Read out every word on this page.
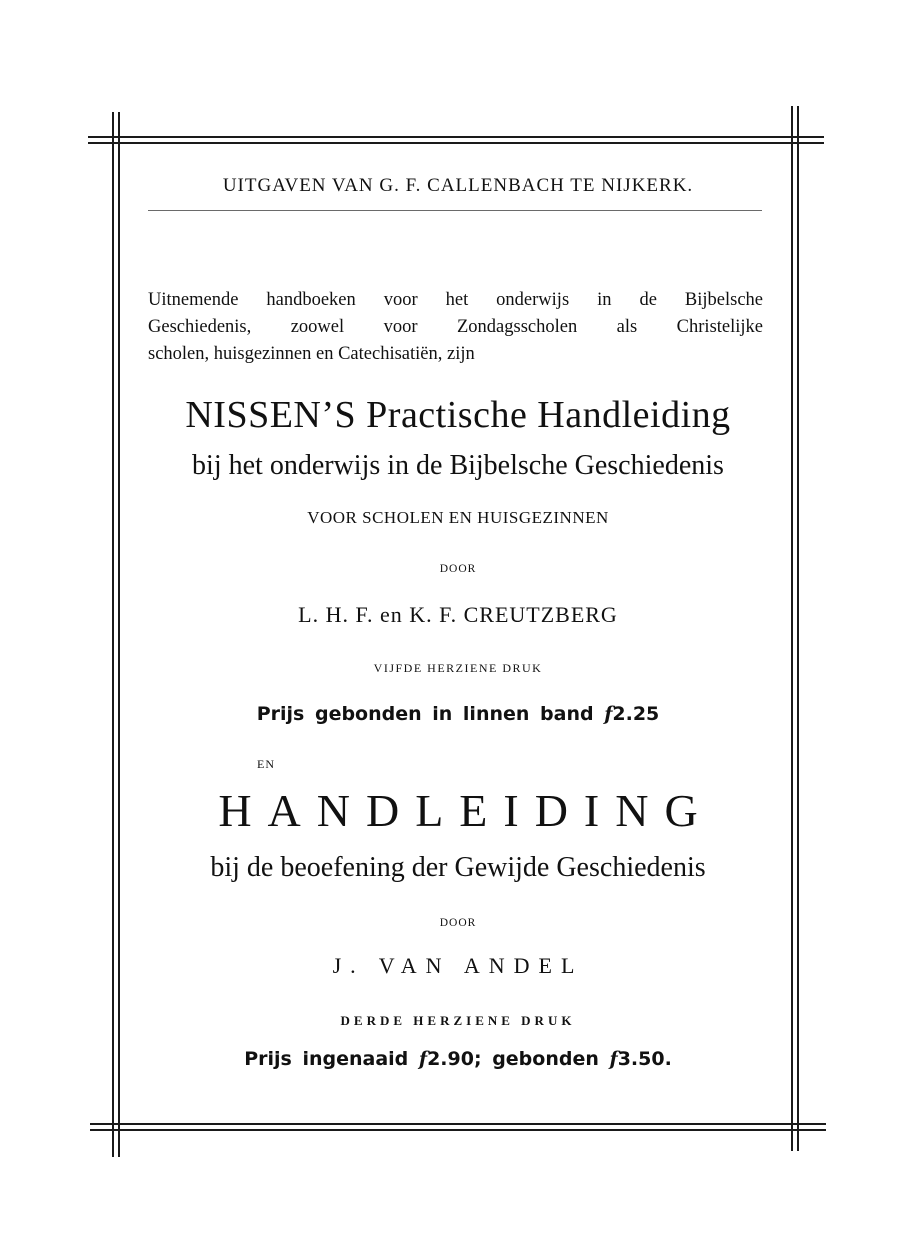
UITGAVEN VAN G. F. CALLENBACH TE NIJKERK.
Uitnemende handboeken voor het onderwijs in de Bijbelsche
Geschiedenis, zoowel voor Zondagsscholen als Christelijke
scholen, huisgezinnen en Catechisatiën, zijn
NISSEN’S Practische Handleiding
bij het onderwijs in de Bijbelsche Geschiedenis
VOOR SCHOLEN EN HUISGEZINNEN
DOOR
L. H. F. en K. F. CREUTZBERG
VIJFDE HERZIENE DRUK
Prijs gebonden in linnen band f2.25
EN
HANDLEIDING
bij de beoefening der Gewijde Geschiedenis
DOOR
J. VAN ANDEL
DERDE HERZIENE DRUK
Prijs ingenaaid f2.90; gebonden f3.50.
